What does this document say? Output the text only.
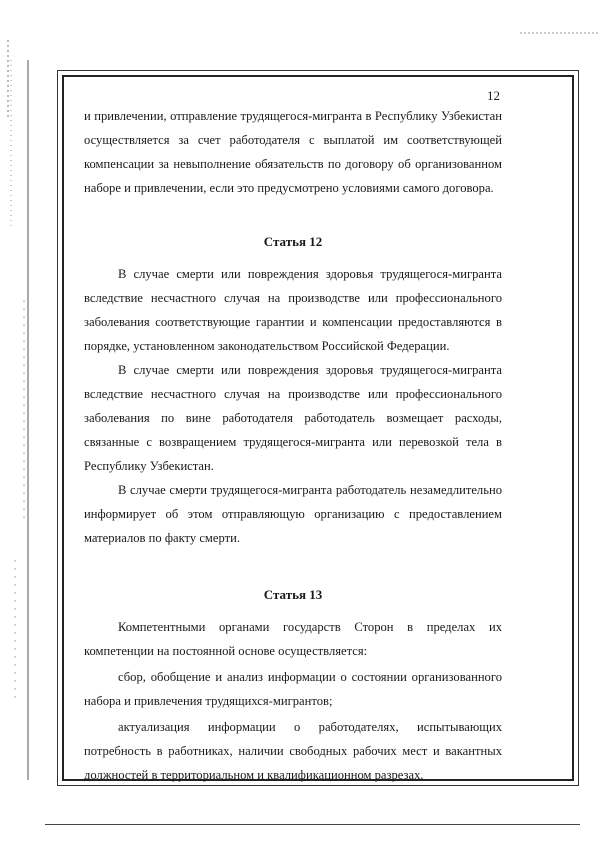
12

и привлечении, отправление трудящегося-мигранта в Республику Узбекистан осуществляется за счет работодателя с выплатой им соответствующей компенсации за невыполнение обязательств по договору об организованном наборе и привлечении, если это предусмотрено условиями самого договора.

Статья 12

В случае смерти или повреждения здоровья трудящегося-мигранта вследствие несчастного случая на производстве или профессионального заболевания соответствующие гарантии и компенсации предоставляются в порядке, установленном законодательством Российской Федерации.

В случае смерти или повреждения здоровья трудящегося-мигранта вследствие несчастного случая на производстве или профессионального заболевания по вине работодателя работодатель возмещает расходы, связанные с возвращением трудящегося-мигранта или перевозкой тела в Республику Узбекистан.

В случае смерти трудящегося-мигранта работодатель незамедлительно информирует об этом отправляющую организацию с предоставлением материалов по факту смерти.

Статья 13

Компетентными органами государств Сторон в пределах их компетенции на постоянной основе осуществляется:

сбор, обобщение и анализ информации о состоянии организованного набора и привлечения трудящихся-мигрантов;

актуализация информации о работодателях, испытывающих потребность в работниках, наличии свободных рабочих мест и вакантных должностей в территориальном и квалификационном разрезах.
